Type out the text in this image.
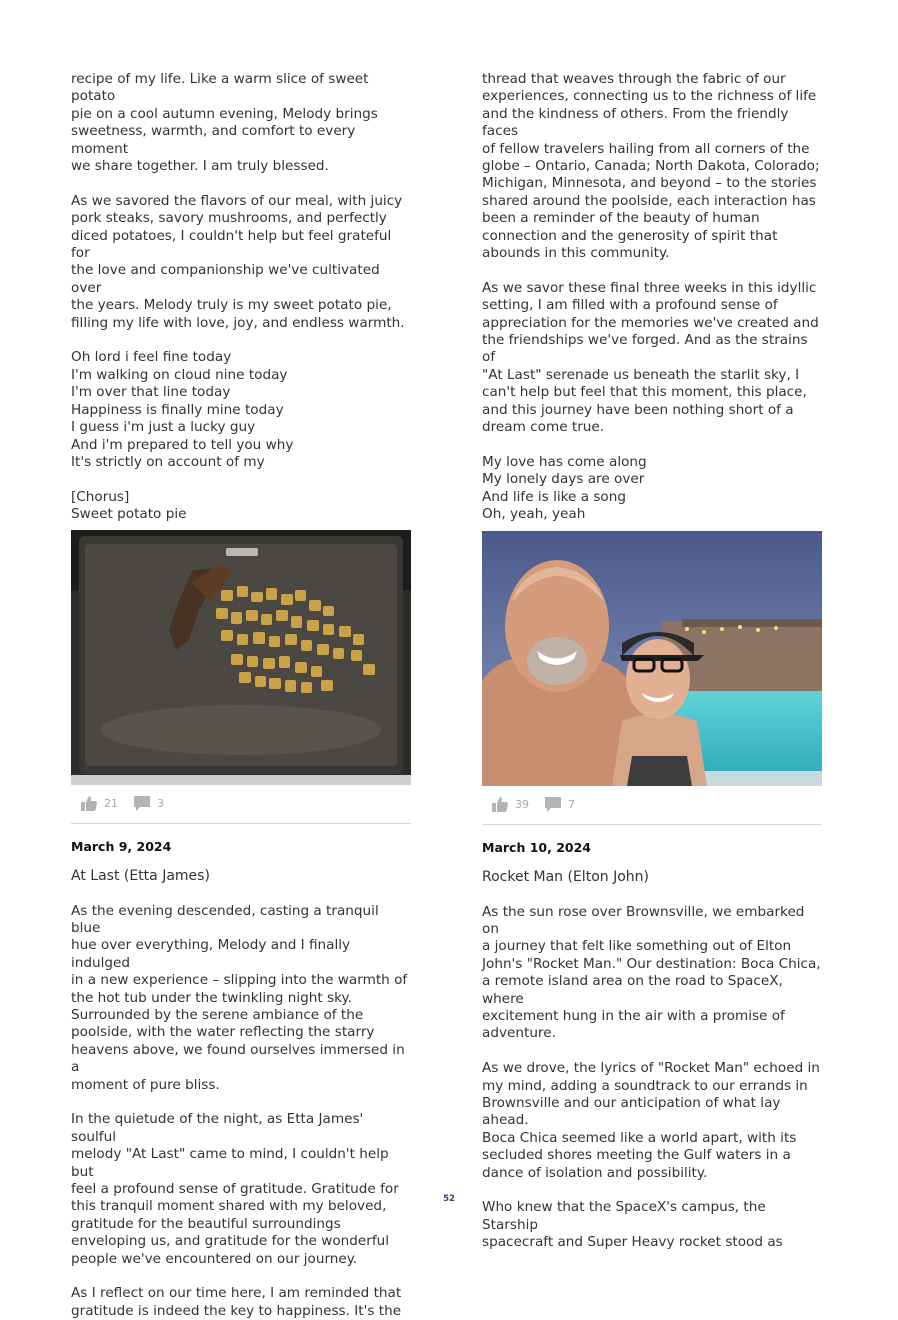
recipe of my life. Like a warm slice of sweet potato
pie on a cool autumn evening, Melody brings
sweetness, warmth, and comfort to every moment
we share together. I am truly blessed.

As we savored the flavors of our meal, with juicy
pork steaks, savory mushrooms, and perfectly
diced potatoes, I couldn't help but feel grateful for
the love and companionship we've cultivated over
the years. Melody truly is my sweet potato pie,
filling my life with love, joy, and endless warmth.

Oh lord i feel fine today
I'm walking on cloud nine today
I'm over that line today
Happiness is finally mine today
I guess i'm just a lucky guy
And i'm prepared to tell you why
It's strictly on account of my

[Chorus]
Sweet potato pie

21	3
March 9, 2024
At Last (Etta James)

As the evening descended, casting a tranquil blue
hue over everything, Melody and I finally indulged
in a new experience – slipping into the warmth of
the hot tub under the twinkling night sky.
Surrounded by the serene ambiance of the
poolside, with the water reflecting the starry
heavens above, we found ourselves immersed in a
moment of pure bliss.

In the quietude of the night, as Etta James' soulful
melody "At Last" came to mind, I couldn't help but
feel a profound sense of gratitude. Gratitude for
this tranquil moment shared with my beloved,
gratitude for the beautiful surroundings
enveloping us, and gratitude for the wonderful
people we've encountered on our journey.

As I reflect on our time here, I am reminded that
gratitude is indeed the key to happiness. It's the

thread that weaves through the fabric of our
experiences, connecting us to the richness of life
and the kindness of others. From the friendly faces
of fellow travelers hailing from all corners of the
globe – Ontario, Canada; North Dakota, Colorado;
Michigan, Minnesota, and beyond – to the stories
shared around the poolside, each interaction has
been a reminder of the beauty of human
connection and the generosity of spirit that
abounds in this community.

As we savor these final three weeks in this idyllic
setting, I am filled with a profound sense of
appreciation for the memories we've created and
the friendships we've forged. And as the strains of
"At Last" serenade us beneath the starlit sky, I
can't help but feel that this moment, this place,
and this journey have been nothing short of a
dream come true.

My love has come along
My lonely days are over
And life is like a song
Oh, yeah, yeah

39	7
March 10, 2024
Rocket Man (Elton John)

As the sun rose over Brownsville, we embarked on
a journey that felt like something out of Elton
John's "Rocket Man." Our destination: Boca Chica,
a remote island area on the road to SpaceX, where
excitement hung in the air with a promise of
adventure.

As we drove, the lyrics of "Rocket Man" echoed in
my mind, adding a soundtrack to our errands in
Brownsville and our anticipation of what lay ahead.
Boca Chica seemed like a world apart, with its
secluded shores meeting the Gulf waters in a
dance of isolation and possibility.

Who knew that the SpaceX's campus, the Starship
spacecraft and Super Heavy rocket stood as

52
